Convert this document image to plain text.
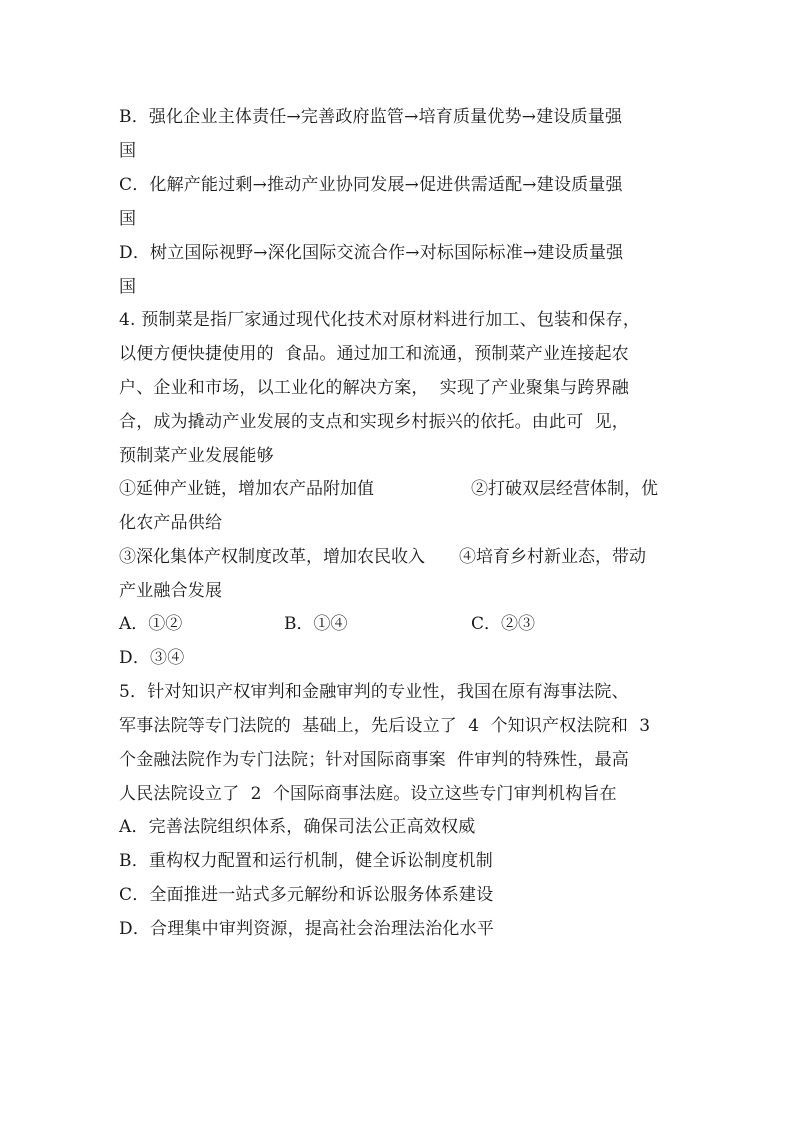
B．强化企业主体责任→完善政府监管→培育质量优势→建设质量强
国
C．化解产能过剩→推动产业协同发展→促进供需适配→建设质量强
国
D．树立国际视野→深化国际交流合作→对标国际标准→建设质量强
国
4. 预制菜是指厂家通过现代化技术对原材料进行加工、包装和保存，
以便方便快捷使用的  食品。通过加工和流通，预制菜产业连接起农
户、企业和市场，以工业化的解决方案，  实现了产业聚集与跨界融
合，成为撬动产业发展的支点和实现乡村振兴的依托。由此可  见，
预制菜产业发展能够
①延伸产业链，增加农产品附加值	②打破双层经营体制，优
化农产品供给
③深化集体产权制度改革，增加农民收入 ④培育乡村新业态，带动
产业融合发展
A．①②	B．①④	C．②③
D．③④
5．针对知识产权审判和金融审判的专业性，我国在原有海事法院、
军事法院等专门法院的  基础上，先后设立了  4  个知识产权法院和  3
个金融法院作为专门法院；针对国际商事案  件审判的特殊性，最高
人民法院设立了  2  个国际商事法庭。设立这些专门审判机构旨在
A．完善法院组织体系，确保司法公正高效权威
B．重构权力配置和运行机制，健全诉讼制度机制
C．全面推进一站式多元解纷和诉讼服务体系建设
D．合理集中审判资源，提高社会治理法治化水平
